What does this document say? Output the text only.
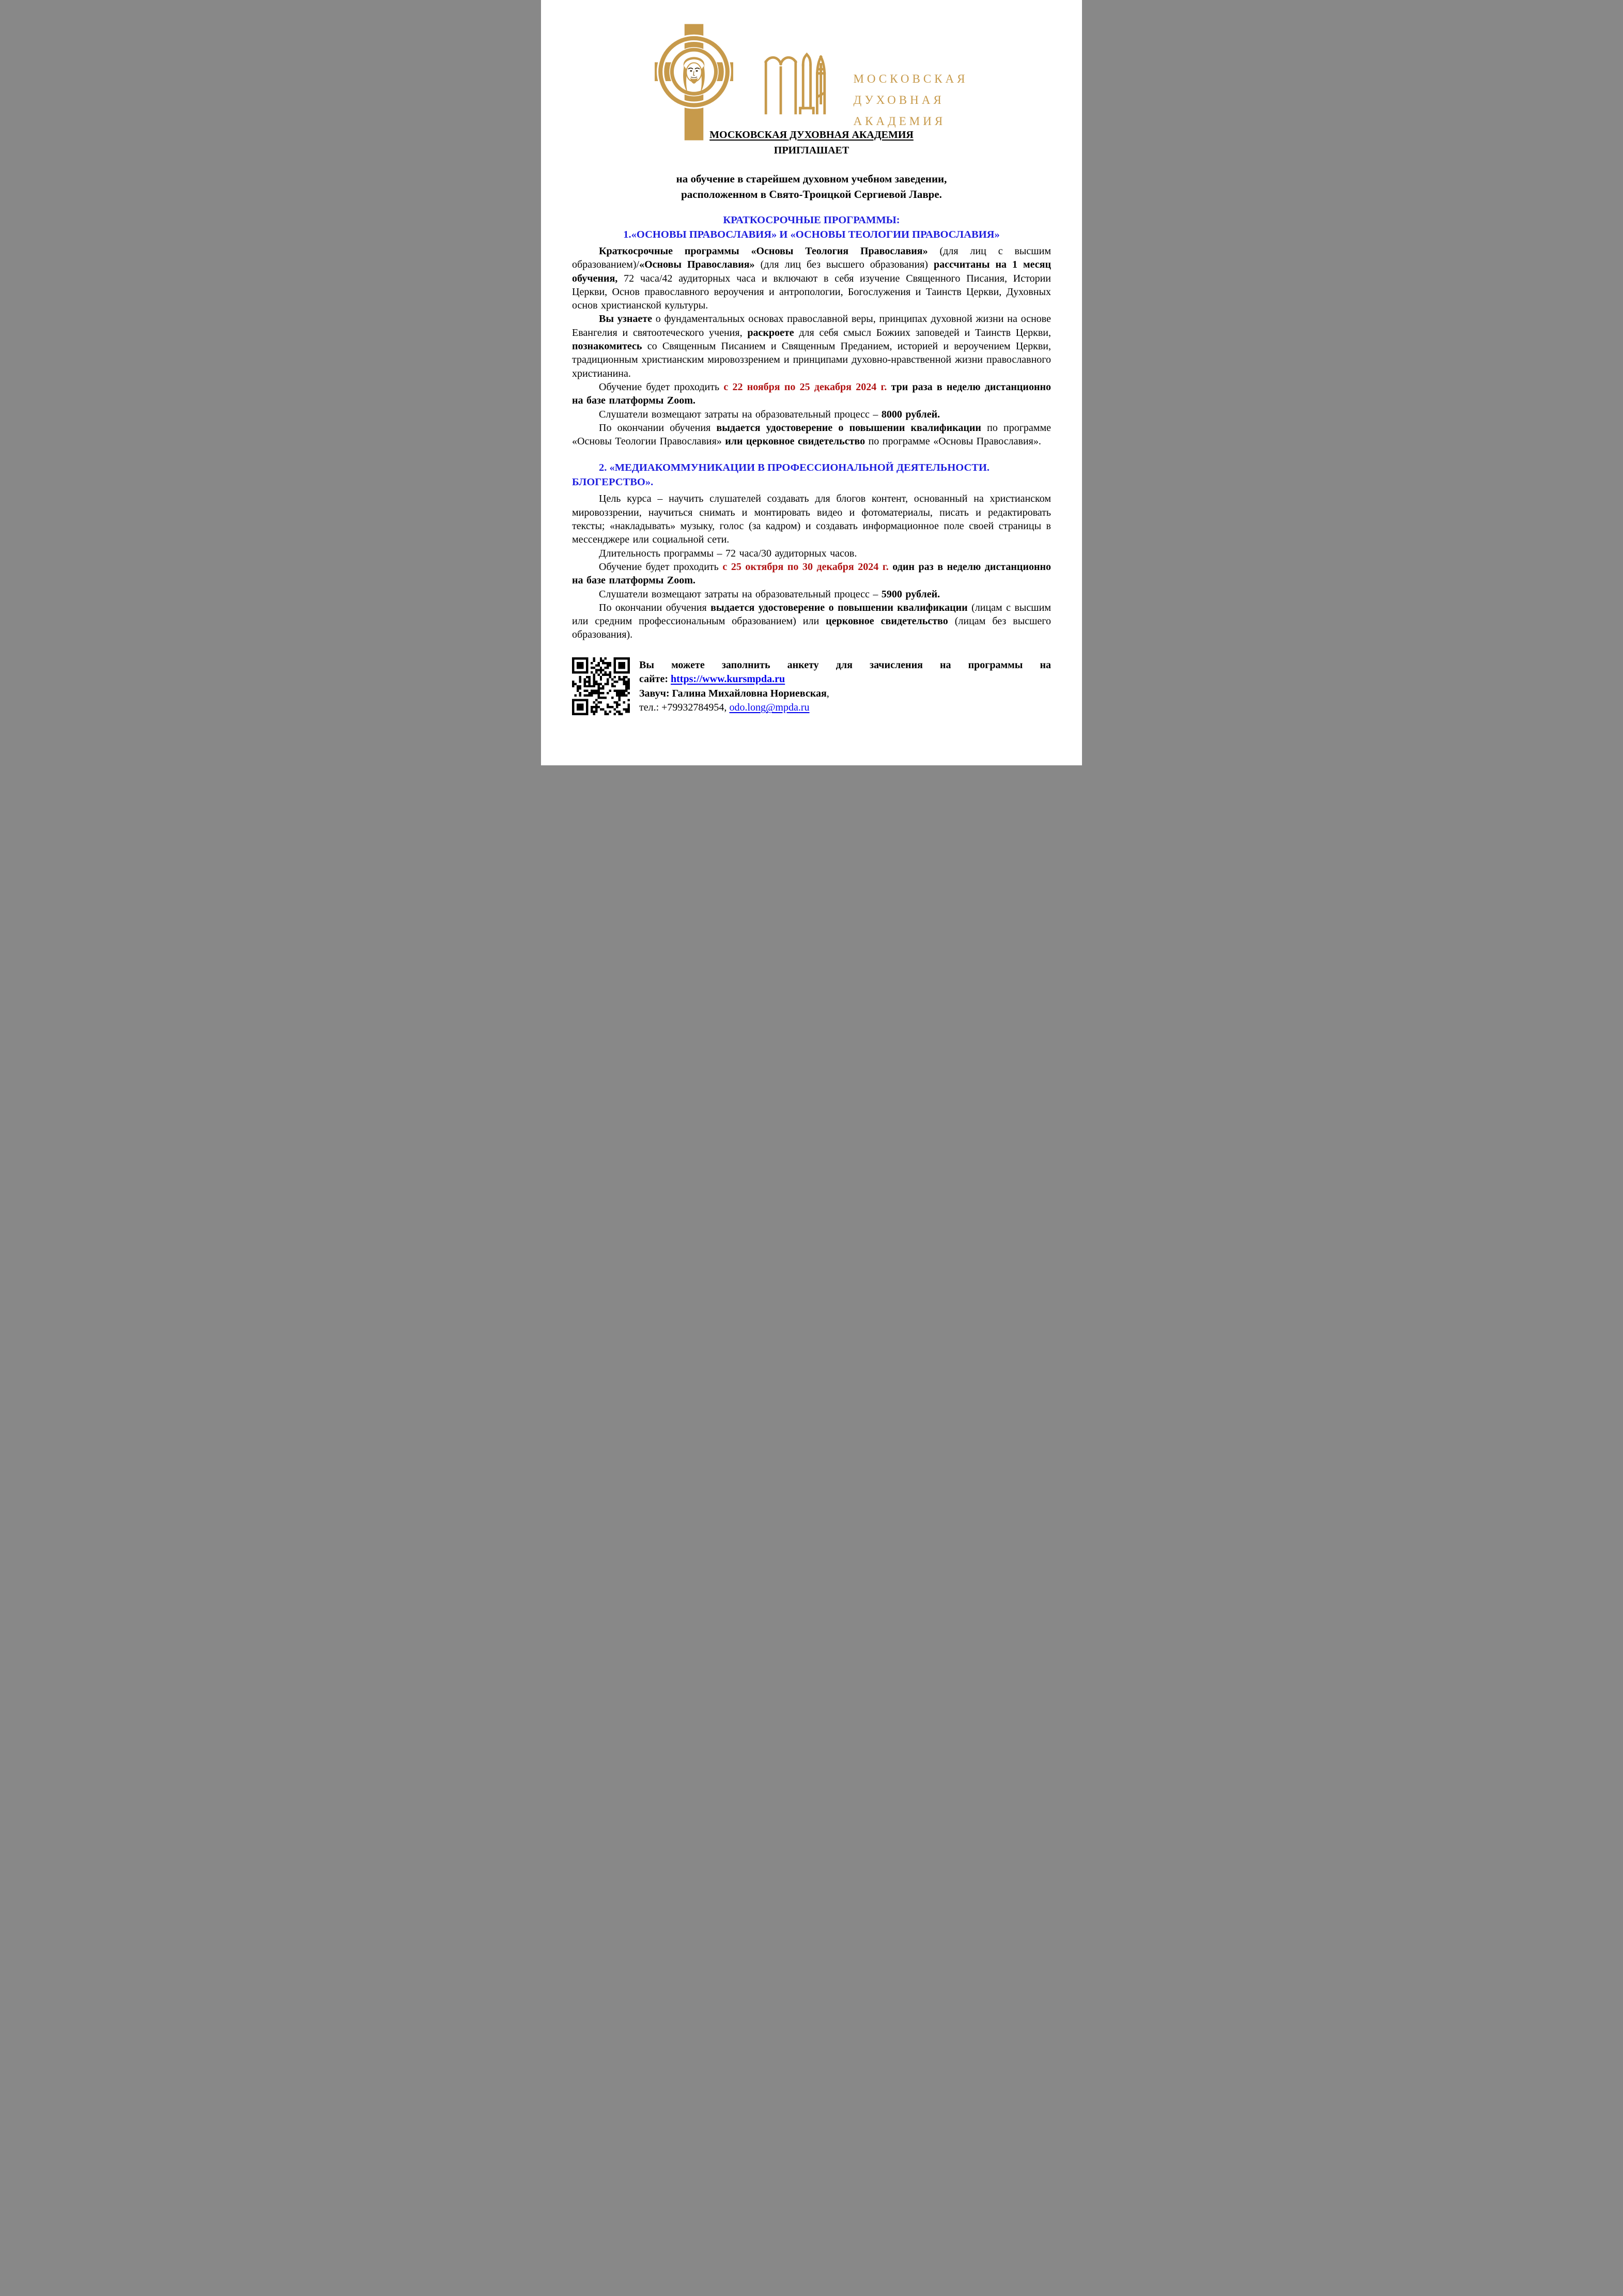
МОСКОВСКАЯ
ДУХОВНАЯ
АКАДЕМИЯ
МОСКОВСКАЯ ДУХОВНАЯ АКАДЕМИЯ
ПРИГЛАШАЕТ
на обучение в старейшем духовном учебном заведении,
расположенном в Свято-Троицкой Сергиевой Лавре.
КРАТКОСРОЧНЫЕ ПРОГРАММЫ:
1.«ОСНОВЫ ПРАВОСЛАВИЯ» И «ОСНОВЫ ТЕОЛОГИИ ПРАВОСЛАВИЯ»

Краткосрочные программы «Основы Теология Православия» (для лиц с высшим образованием)/«Основы Православия» (для лиц без высшего образования) рассчитаны на 1 месяц обучения, 72 часа/42 аудиторных часа и включают в себя изучение Священного Писания, Истории Церкви, Основ православного вероучения и антропологии, Богослужения и Таинств Церкви, Духовных основ христианской культуры.

Вы узнаете о фундаментальных основах православной веры, принципах духовной жизни на основе Евангелия и святоотеческого учения, раскроете для себя смысл Божиих заповедей и Таинств Церкви, познакомитесь со Священным Писанием и Священным Преданием, историей и вероучением Церкви, традиционным христианским мировоззрением и принципами духовно-нравственной жизни православного христианина.

Обучение будет проходить с 22 ноября по 25 декабря 2024 г. три раза в неделю дистанционно на базе платформы Zoom.

Слушатели возмещают затраты на образовательный процесс – 8000 рублей.

По окончании обучения выдается удостоверение о повышении квалификации по программе «Основы Теологии Православия» или церковное свидетельство по программе «Основы Православия».

2. «МЕДИАКОММУНИКАЦИИ В ПРОФЕССИОНАЛЬНОЙ ДЕЯТЕЛЬНОСТИ.
БЛОГЕРСТВО».

Цель курса – научить слушателей создавать для блогов контент, основанный на христианском мировоззрении, научиться снимать и монтировать видео и фотоматериалы, писать и редактировать тексты; «накладывать» музыку, голос (за кадром) и создавать информационное поле своей страницы в мессенджере или социальной сети.

Длительность программы – 72 часа/30 аудиторных часов.

Обучение будет проходить с 25 октября по 30 декабря 2024 г. один раз в неделю дистанционно на базе платформы Zoom.

Слушатели возмещают затраты на образовательный процесс – 5900 рублей.

По окончании обучения выдается удостоверение о повышении квалификации (лицам с высшим или средним профессиональным образованием) или церковное свидетельство (лицам без высшего образования).

Вы можете заполнить анкету для зачисления на программы на
сайте: https://www.kursmpda.ru
Завуч: Галина Михайловна Нориевская,
тел.: +79932784954, odo.long@mpda.ru
